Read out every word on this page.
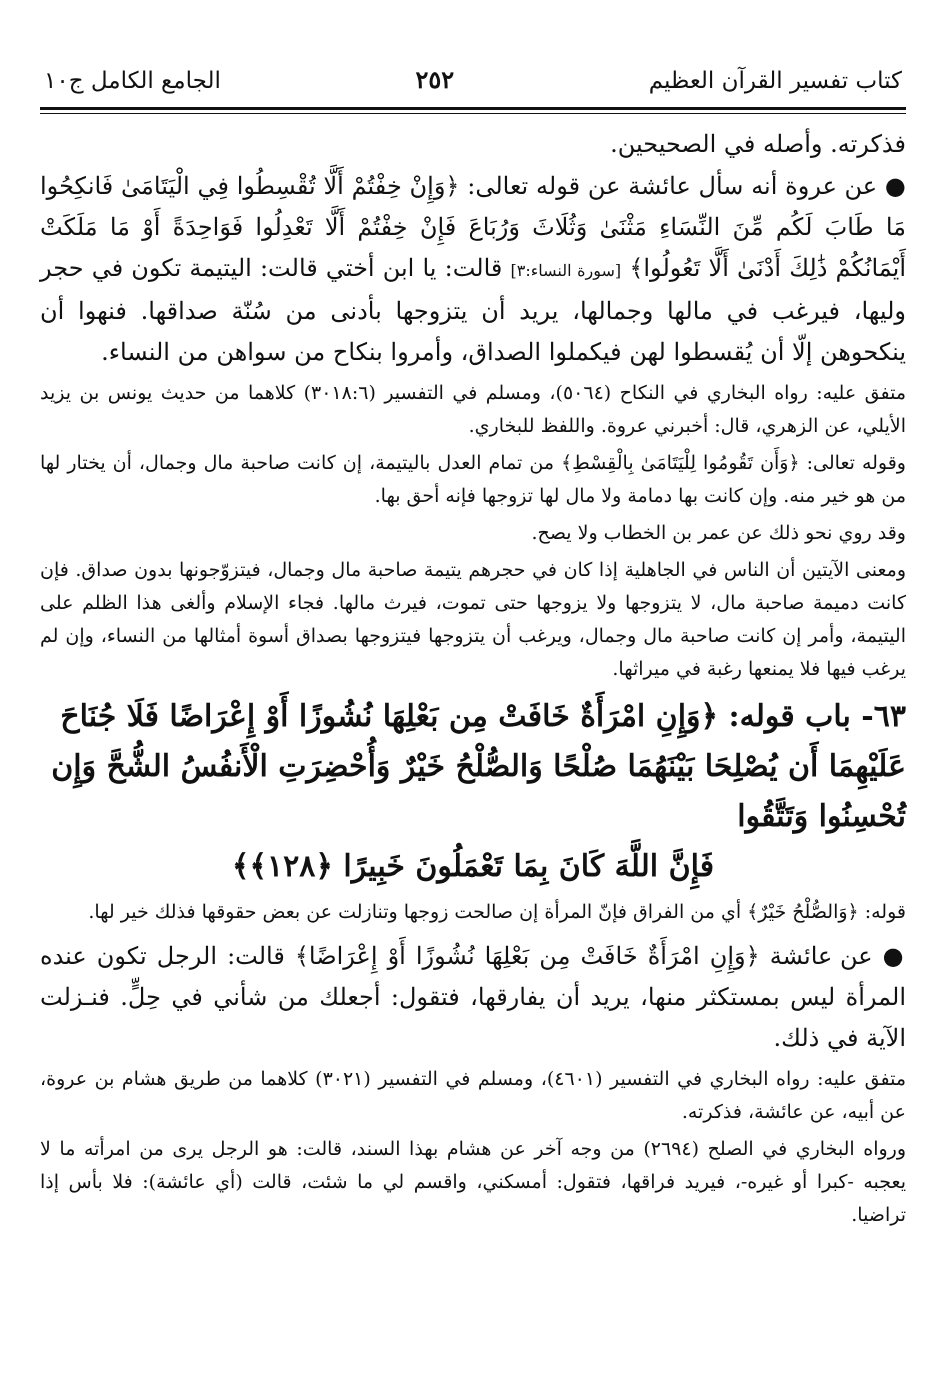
كتاب تفسير القرآن العظيم
٢٥٢
الجامع الكامل ج١٠

فذكرته. وأصله في الصحيحين.

● عن عروة أنه سأل عائشة عن قوله تعالى: ﴿وَإِنْ خِفْتُمْ أَلَّا تُقْسِطُوا فِي الْيَتَامَىٰ فَانكِحُوا مَا طَابَ لَكُم مِّنَ النِّسَاءِ مَثْنَىٰ وَثُلَاثَ وَرُبَاعَ فَإِنْ خِفْتُمْ أَلَّا تَعْدِلُوا فَوَاحِدَةً أَوْ مَا مَلَكَتْ أَيْمَانُكُمْ ذَٰلِكَ أَدْنَىٰ أَلَّا تَعُولُوا﴾ [سورة النساء:٣] قالت: يا ابن أختي قالت: اليتيمة تكون في حجر وليها، فيرغب في مالها وجمالها، يريد أن يتزوجها بأدنى من سُنّة صداقها. فنهوا أن ينكحوهن إلّا أن يُقسطوا لهن فيكملوا الصداق، وأمروا بنكاح من سواهن من النساء.

متفق عليه: رواه البخاري في النكاح (٥٠٦٤)، ومسلم في التفسير (٣٠١٨:٦) كلاهما من حديث يونس بن يزيد الأيلي، عن الزهري، قال: أخبرني عروة. واللفظ للبخاري.

وقوله تعالى: ﴿وَأَن تَقُومُوا لِلْيَتَامَىٰ بِالْقِسْطِ﴾ من تمام العدل باليتيمة، إن كانت صاحبة مال وجمال، أن يختار لها من هو خير منه. وإن كانت بها دمامة ولا مال لها تزوجها فإنه أحق بها.

وقد روي نحو ذلك عن عمر بن الخطاب ولا يصح.

ومعنى الآيتين أن الناس في الجاهلية إذا كان في حجرهم يتيمة صاحبة مال وجمال، فيتزوّجونها بدون صداق. فإن كانت دميمة صاحبة مال، لا يتزوجها ولا يزوجها حتى تموت، فيرث مالها. فجاء الإسلام وألغى هذا الظلم على اليتيمة، وأمر إن كانت صاحبة مال وجمال، ويرغب أن يتزوجها فيتزوجها بصداق أسوة أمثالها من النساء، وإن لم يرغب فيها فلا يمنعها رغبة في ميراثها.

٦٣- باب قوله: ﴿وَإِنِ امْرَأَةٌ خَافَتْ مِن بَعْلِهَا نُشُوزًا أَوْ إِعْرَاضًا فَلَا جُنَاحَ عَلَيْهِمَا أَن يُصْلِحَا بَيْنَهُمَا صُلْحًا وَالصُّلْحُ خَيْرٌ وَأُحْضِرَتِ الْأَنفُسُ الشُّحَّ وَإِن تُحْسِنُوا وَتَتَّقُوا
فَإِنَّ اللَّهَ كَانَ بِمَا تَعْمَلُونَ خَبِيرًا ﴿١٢٨﴾﴾

قوله: ﴿وَالصُّلْحُ خَيْرٌ﴾ أي من الفراق فإنّ المرأة إن صالحت زوجها وتنازلت عن بعض حقوقها فذلك خير لها.

● عن عائشة ﴿وَإِنِ امْرَأَةٌ خَافَتْ مِن بَعْلِهَا نُشُوزًا أَوْ إِعْرَاضًا﴾ قالت: الرجل تكون عنده المرأة ليس بمستكثر منها، يريد أن يفارقها، فتقول: أجعلك من شأني في حِلٍّ. فنـزلت الآية في ذلك.

متفق عليه: رواه البخاري في التفسير (٤٦٠١)، ومسلم في التفسير (٣٠٢١) كلاهما من طريق هشام بن عروة، عن أبيه، عن عائشة، فذكرته.

ورواه البخاري في الصلح (٢٦٩٤) من وجه آخر عن هشام بهذا السند، قالت: هو الرجل يرى من امرأته ما لا يعجبه -كبرا أو غيره-، فيريد فراقها، فتقول: أمسكني، واقسم لي ما شئت، قالت (أي عائشة): فلا بأس إذا تراضيا.
